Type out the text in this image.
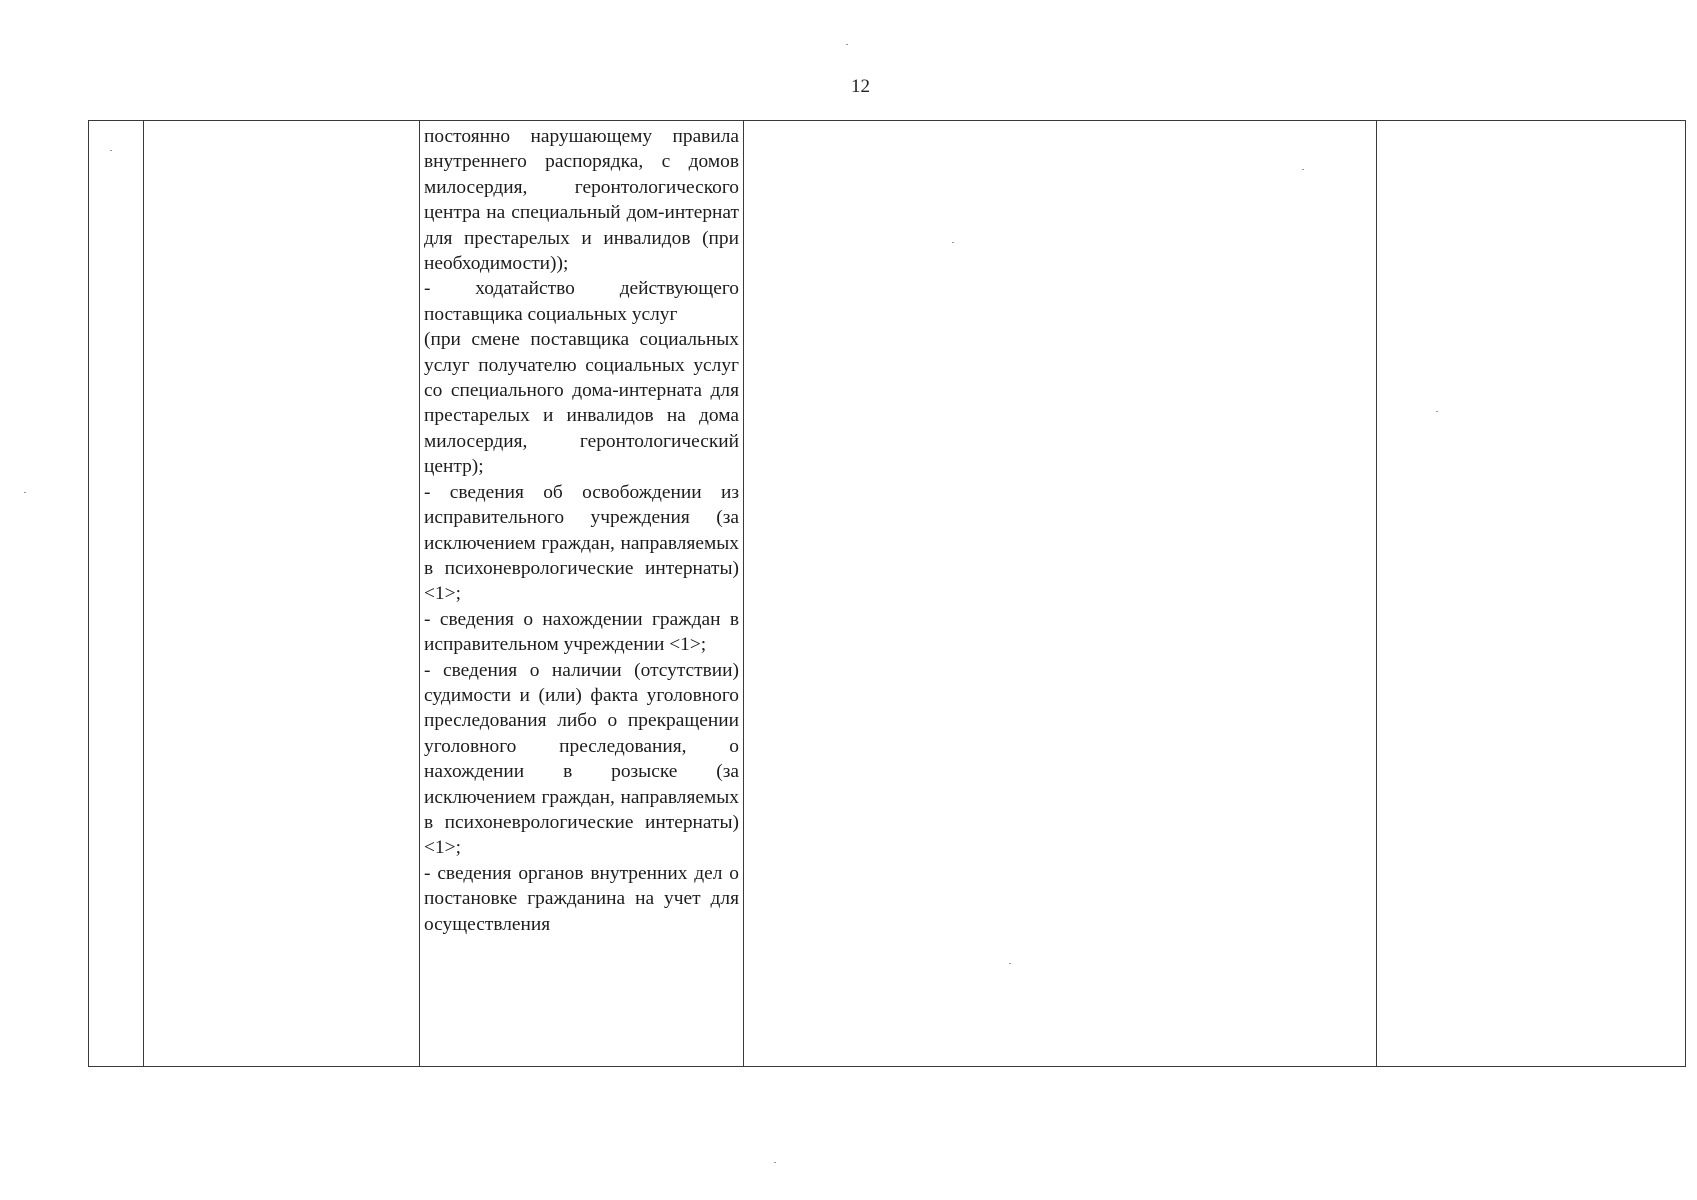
12

постоянно нарушающему правила внутреннего распорядка, с домов милосердия, геронтологического центра на специальный дом-интернат для престарелых и инвалидов (при необходимости));

- ходатайство действующего поставщика социальных услуг

(при смене поставщика социальных услуг получателю социальных услуг со специального дома-интерната для престарелых и инвалидов на дома милосердия, геронтологический центр);

- сведения об освобождении из исправительного учреждения (за исключением граждан, направляемых в психоневрологические интернаты) <1>;

- сведения о нахождении граждан в исправительном учреждении <1>;

- сведения о наличии (отсутствии) судимости и (или) факта уголовного преследования либо о прекращении уголовного преследования, о нахождении в розыске (за исключением граждан, направляемых в психоневрологические интернаты) <1>;

- сведения органов внутренних дел о постановке гражданина на учет для осуществления
